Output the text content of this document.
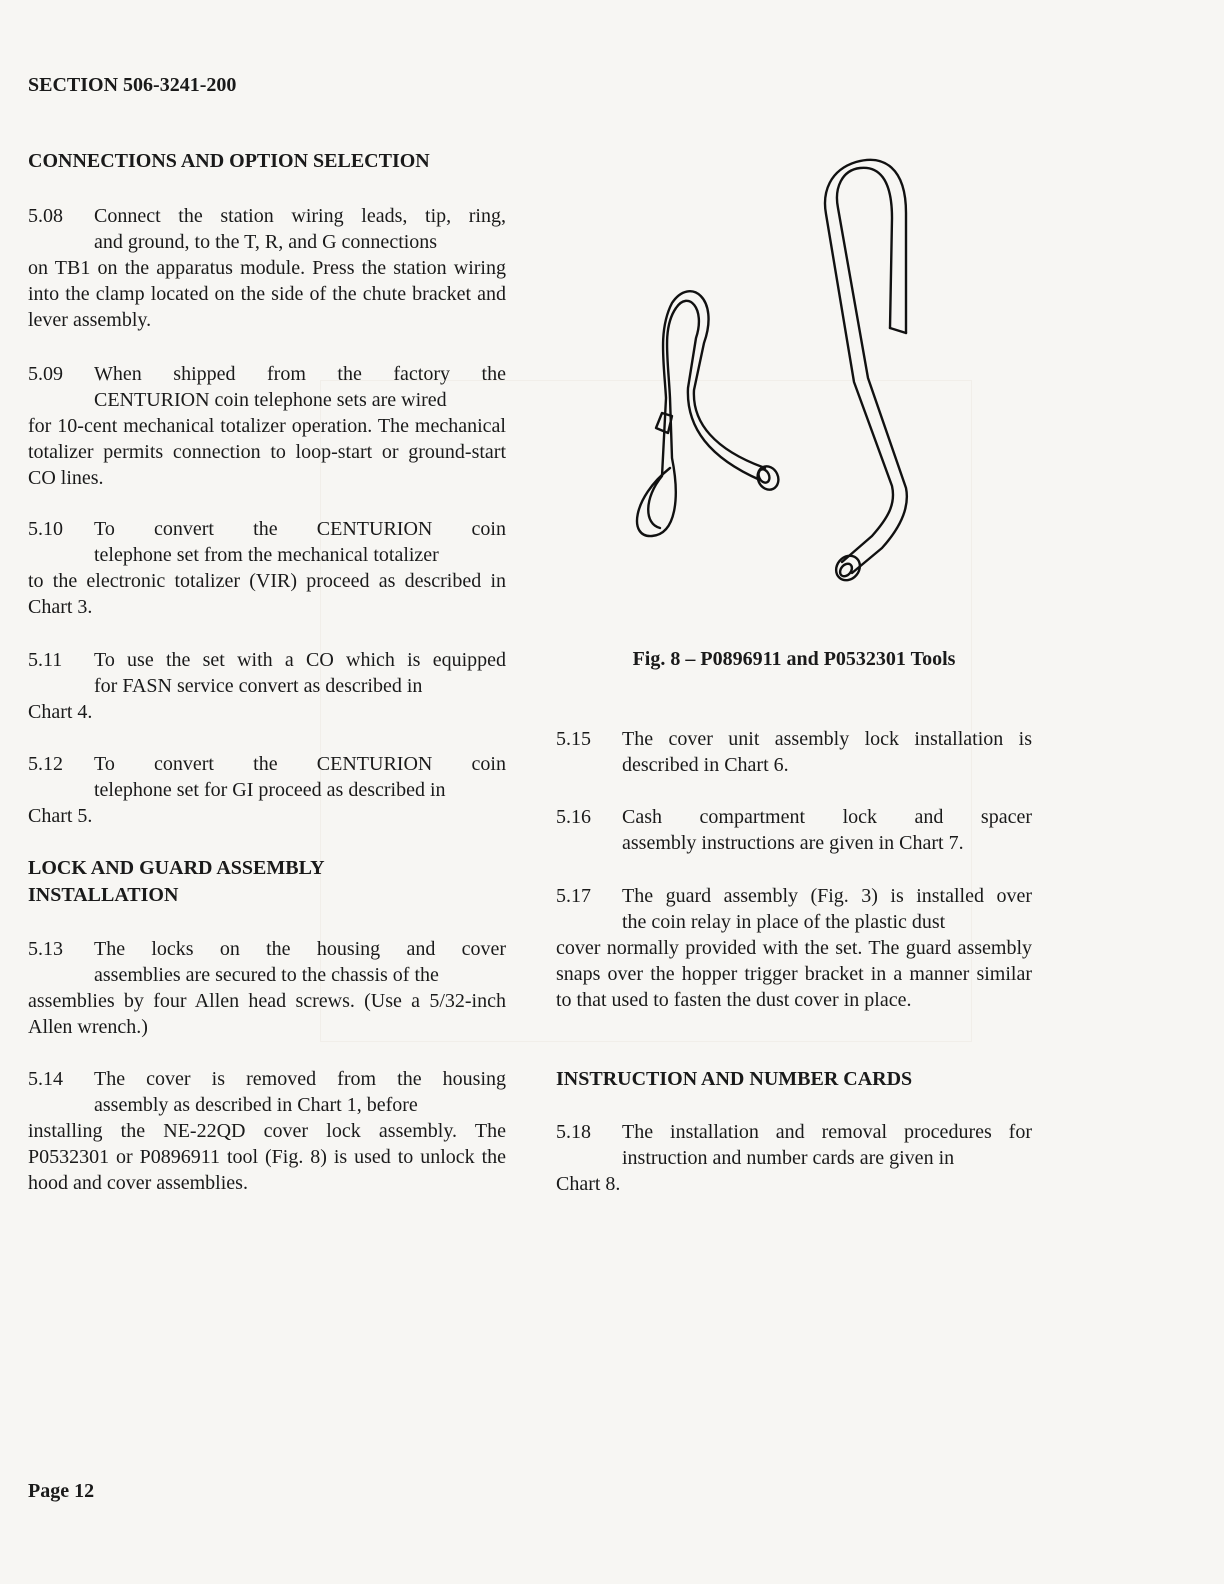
SECTION 506-3241-200
CONNECTIONS AND OPTION SELECTION
5.08 Connect the station wiring leads, tip, ring,
and ground, to the T, R, and G connections
on TB1 on the apparatus module. Press the station wiring into the clamp located on the side of the chute bracket and lever assembly.
5.09 When shipped from the factory the
CENTURION coin telephone sets are wired
for 10-cent mechanical totalizer operation. The mechanical totalizer permits connection to loop-start or ground-start CO lines.
5.10 To convert the CENTURION coin
telephone set from the mechanical totalizer
to the electronic totalizer (VIR) proceed as described in Chart 3.
5.11 To use the set with a CO which is equipped
for FASN service convert as described in
Chart 4.
5.12 To convert the CENTURION coin
telephone set for GI proceed as described in
Chart 5.
LOCK AND GUARD ASSEMBLY
INSTALLATION
5.13 The locks on the housing and cover
assemblies are secured to the chassis of the
assemblies by four Allen head screws. (Use a 5/32-inch Allen wrench.)
5.14 The cover is removed from the housing
assembly as described in Chart 1, before
installing the NE-22QD cover lock assembly. The P0532301 or P0896911 tool (Fig. 8) is used to unlock the hood and cover assemblies.
Fig. 8 – P0896911 and P0532301 Tools
5.15 The cover unit assembly lock installation is
described in Chart 6.
5.16 Cash compartment lock and spacer
assembly instructions are given in Chart 7.
5.17 The guard assembly (Fig. 3) is installed over
the coin relay in place of the plastic dust
cover normally provided with the set. The guard assembly snaps over the hopper trigger bracket in a manner similar to that used to fasten the dust cover in place.
INSTRUCTION AND NUMBER CARDS
5.18 The installation and removal procedures for
instruction and number cards are given in
Chart 8.
Page 12
